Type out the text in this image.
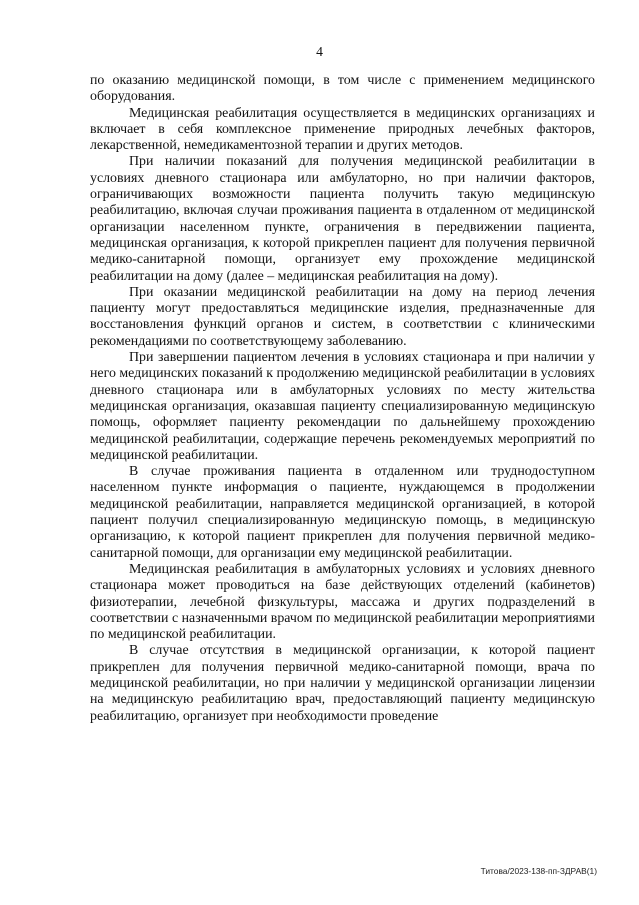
4

по оказанию медицинской помощи, в том числе с применением медицинского оборудования.

Медицинская реабилитация осуществляется в медицинских организациях и включает в себя комплексное применение природных лечебных факторов, лекарственной, немедикаментозной терапии и других методов.

При наличии показаний для получения медицинской реабилитации в условиях дневного стационара или амбулаторно, но при наличии факторов, ограничивающих возможности пациента получить такую медицинскую реабилитацию, включая случаи проживания пациента в отдаленном от медицинской организации населенном пункте, ограничения в передвижении пациента, медицинская организация, к которой прикреплен пациент для получения первичной медико-санитарной помощи, организует ему прохождение медицинской реабилитации на дому (далее – медицинская реабилитация на дому).

При оказании медицинской реабилитации на дому на период лечения пациенту могут предоставляться медицинские изделия, предназначенные для восстановления функций органов и систем, в соответствии с клиническими рекомендациями по соответствующему заболеванию.

При завершении пациентом лечения в условиях стационара и при наличии у него медицинских показаний к продолжению медицинской реабилитации в условиях дневного стационара или в амбулаторных условиях по месту жительства медицинская организация, оказавшая пациенту специализированную медицинскую помощь, оформляет пациенту рекомендации по дальнейшему прохождению медицинской реабилитации, содержащие перечень рекомендуемых мероприятий по медицинской реабилитации.

В случае проживания пациента в отдаленном или труднодоступном населенном пункте информация о пациенте, нуждающемся в продолжении медицинской реабилитации, направляется медицинской организацией, в которой пациент получил специализированную медицинскую помощь, в медицинскую организацию, к которой пациент прикреплен для получения первичной медико-санитарной помощи, для организации ему медицинской реабилитации.

Медицинская реабилитация в амбулаторных условиях и условиях дневного стационара может проводиться на базе действующих отделений (кабинетов) физиотерапии, лечебной физкультуры, массажа и других подразделений в соответствии с назначенными врачом по медицинской реабилитации мероприятиями по медицинской реабилитации.

В случае отсутствия в медицинской организации, к которой пациент прикреплен для получения первичной медико-санитарной помощи, врача по медицинской реабилитации, но при наличии у медицинской организации лицензии на медицинскую реабилитацию врач, предоставляющий пациенту медицинскую реабилитацию, организует при необходимости проведение

Титова/2023-138-пп-ЗДРАВ(1)
